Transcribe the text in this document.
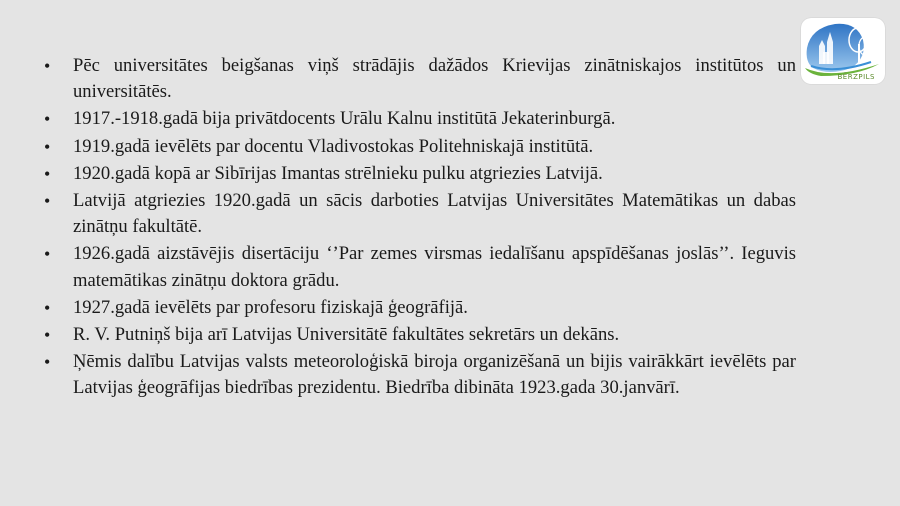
• Pēc universitātes beigšanas viņš strādājis dažādos Krievijas zinātniskajos institūtos un universitātēs.
• 1917.-1918.gadā bija privātdocents Urālu Kalnu institūtā Jekaterinburgā.
• 1919.gadā ievēlēts par docentu Vladivostokas Politehniskajā institūtā.
• 1920.gadā kopā ar Sibīrijas Imantas strēlnieku pulku atgriezies Latvijā.
• Latvijā atgriezies 1920.gadā un sācis darboties Latvijas Universitātes Matemātikas un dabas zinātņu fakultātē.
• 1926.gadā aizstāvējis disertāciju ‘’Par zemes virsmas iedalīšanu apspīdēšanas joslās’’. Ieguvis matemātikas zinātņu doktora grādu.
• 1927.gadā ievēlēts par profesoru fiziskajā ģeogrāfijā.
• R. V. Putniņš bija arī Latvijas Universitātē fakultātes sekretārs un dekāns.
• Ņēmis dalību Latvijas valsts meteoroloģiskā biroja organizēšanā un bijis vairākkārt ievēlēts par Latvijas ģeogrāfijas biedrības prezidentu. Biedrība dibināta 1923.gada 30.janvārī.
BĒRZPILS
